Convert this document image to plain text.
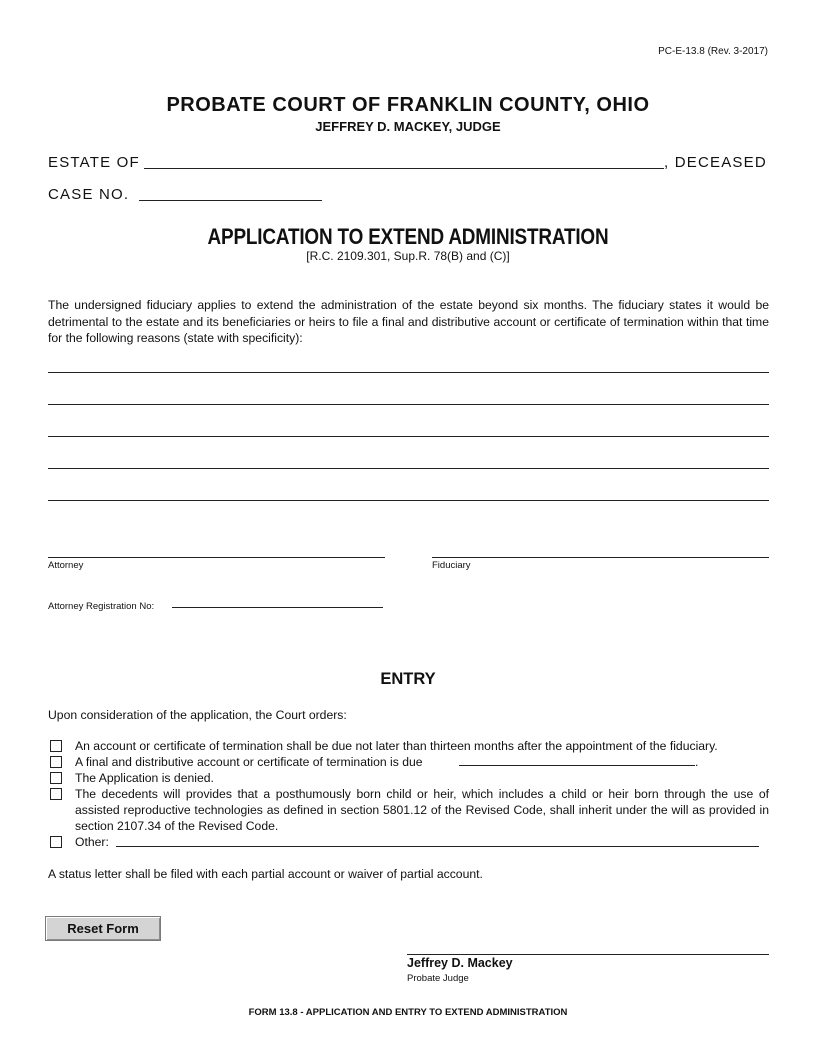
PC-E-13.8 (Rev. 3-2017)
PROBATE COURT OF FRANKLIN COUNTY, OHIO
JEFFREY D. MACKEY, JUDGE
ESTATE OF	, DECEASED
CASE NO.
APPLICATION TO EXTEND ADMINISTRATION
[R.C. 2109.301, Sup.R. 78(B) and (C)]
The undersigned fiduciary applies to extend the administration of the estate beyond six months. The fiduciary states it would be detrimental to the estate and its beneficiaries or heirs to file a final and distributive account or certificate of termination within that time for the following reasons (state with specificity):
Attorney	Fiduciary
Attorney Registration No:
ENTRY
Upon consideration of the application, the Court orders:
An account or certificate of termination shall be due not later than thirteen months after the appointment of the fiduciary.
A final and distributive account or certificate of termination is due	.
The Application is denied.
The decedents will provides that a posthumously born child or heir, which includes a child or heir born through the use of assisted reproductive technologies as defined in section 5801.12 of the Revised Code, shall inherit under the will as provided in section 2107.34 of the Revised Code.
Other:
A status letter shall be filed with each partial account or waiver of partial account.
Reset Form
Jeffrey D. Mackey
Probate Judge
FORM 13.8 - APPLICATION AND ENTRY TO EXTEND ADMINISTRATION
